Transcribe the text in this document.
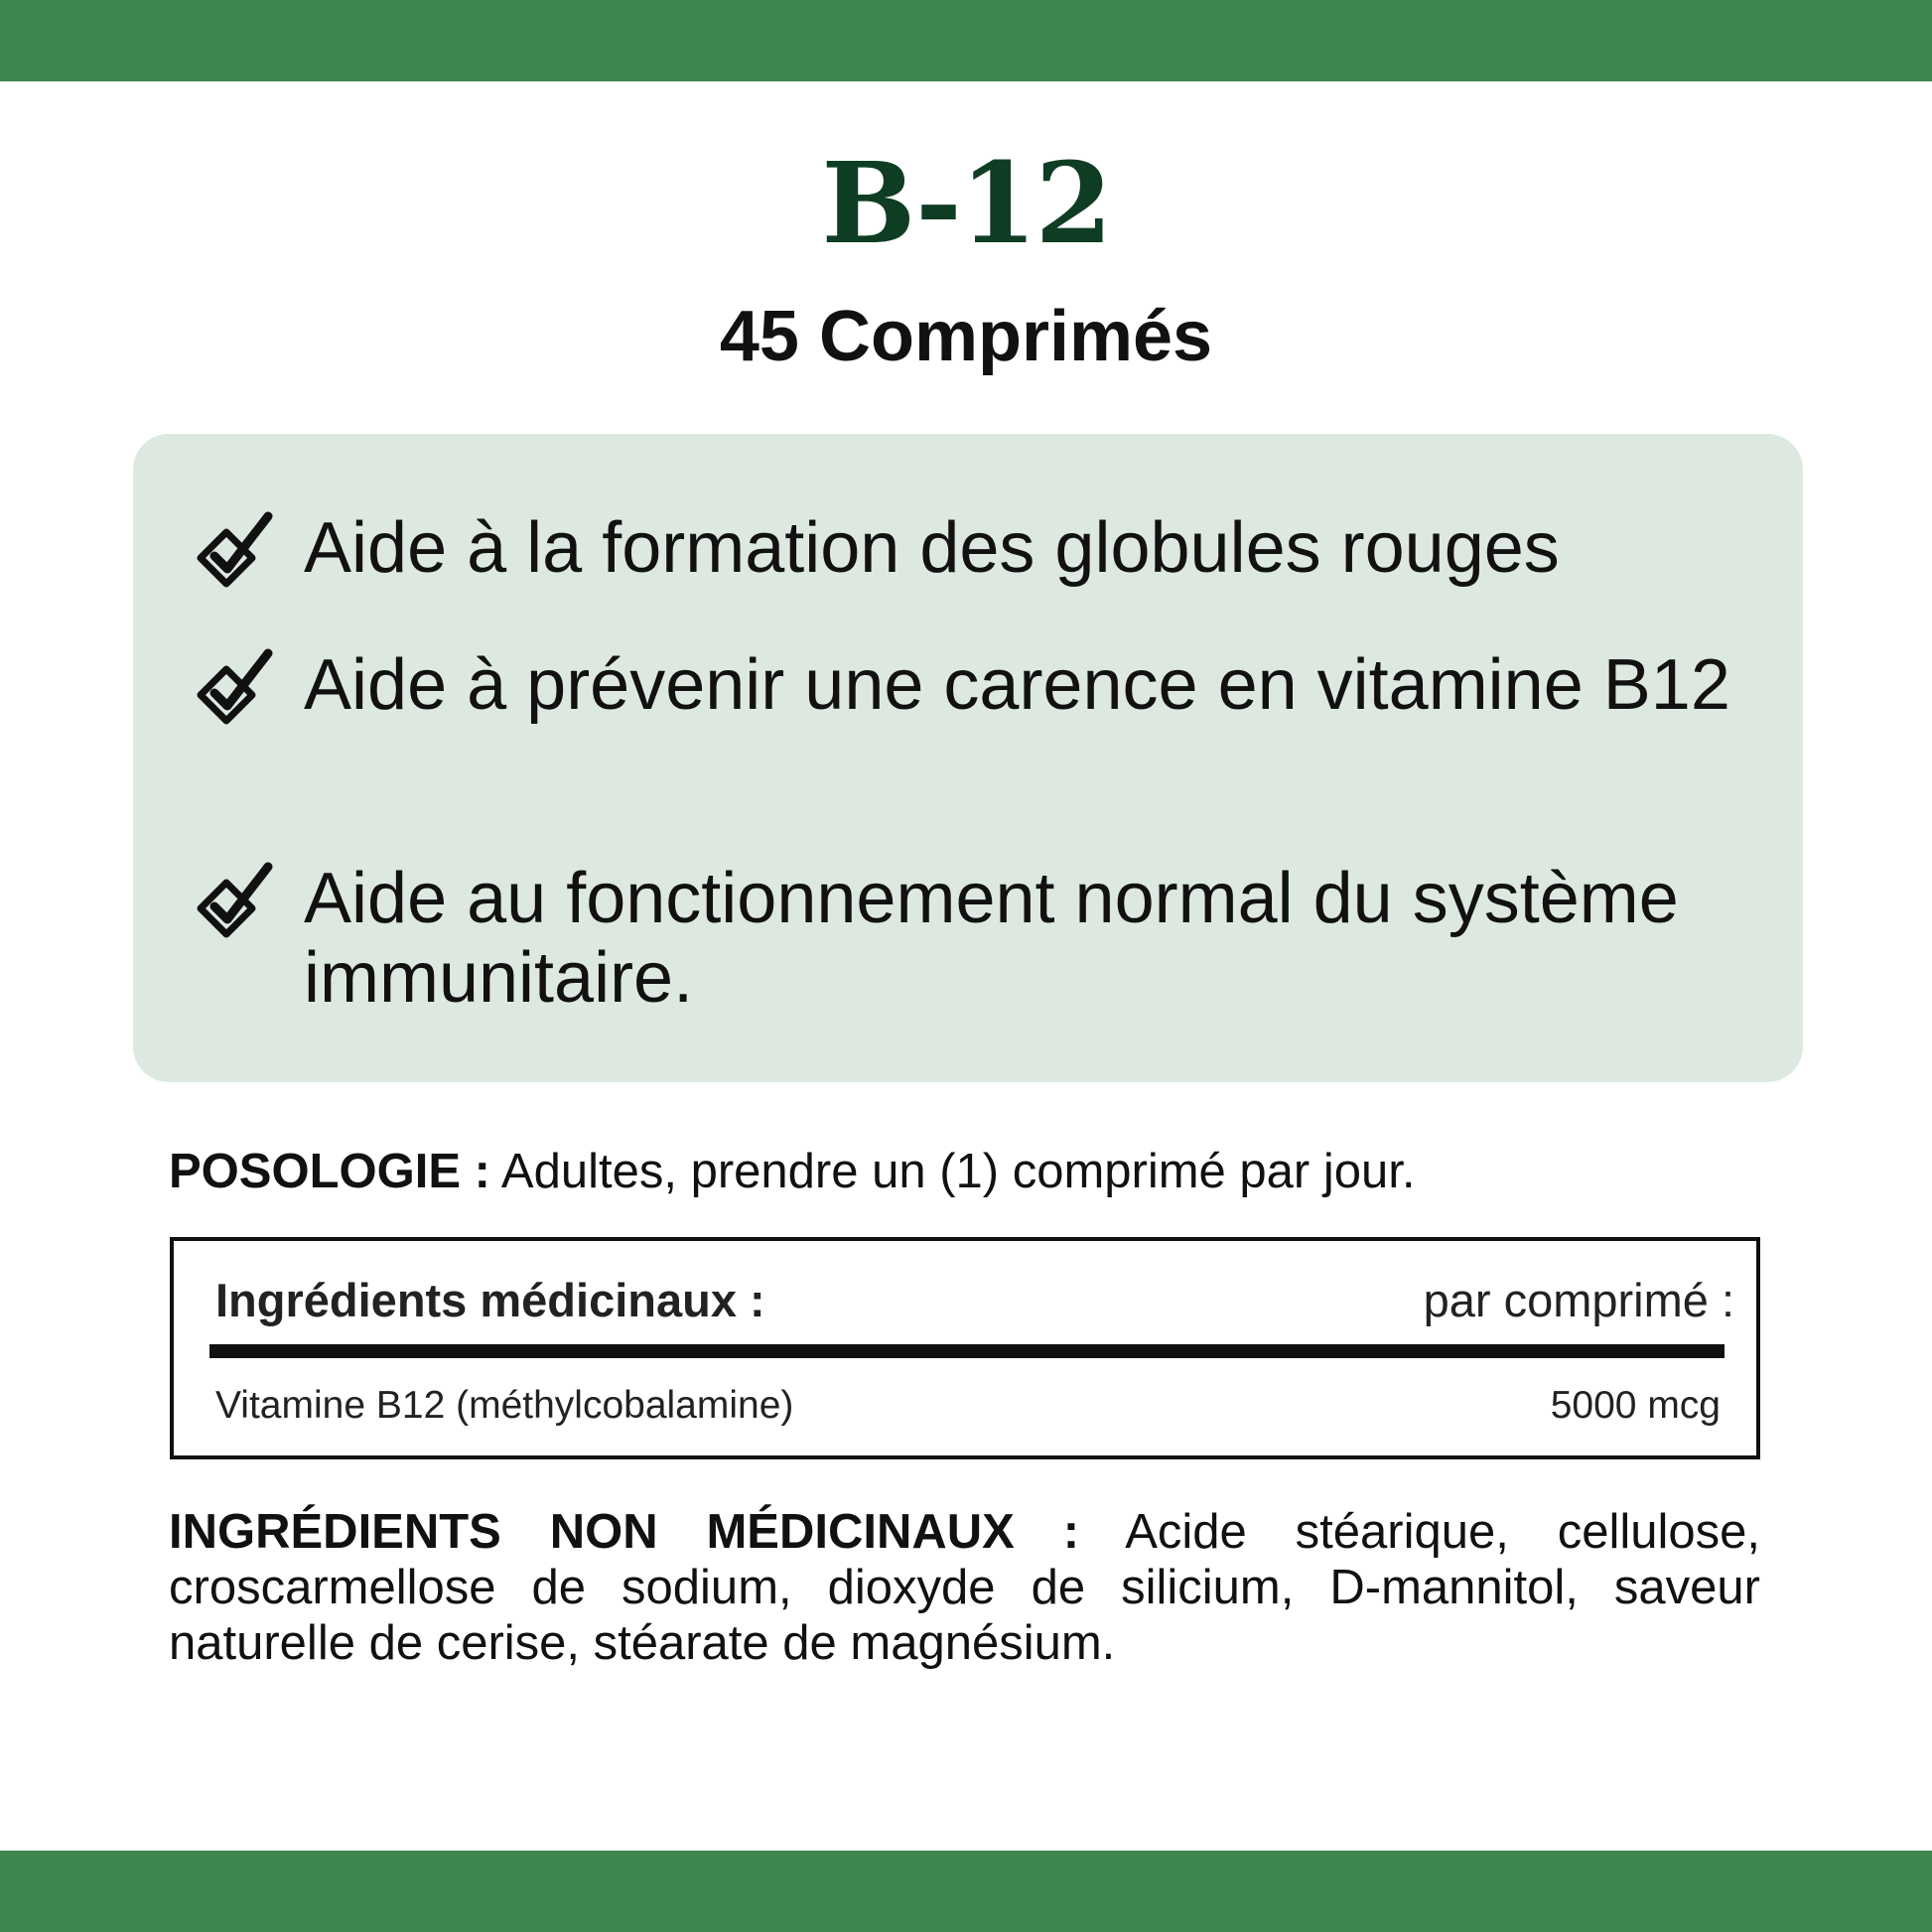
B-12
45 Comprimés
Aide à la formation des globules rouges
Aide à prévenir une carence en vitamine B12
Aide au fonctionnement normal du système immunitaire.
POSOLOGIE : Adultes, prendre un (1) comprimé par jour.
Ingrédients médicinaux :	par comprimé :
Vitamine B12 (méthylcobalamine)	5000 mcg
INGRÉDIENTS NON MÉDICINAUX : Acide stéarique, cellulose, croscarmellose de sodium, dioxyde de silicium, D-mannitol, saveur naturelle de cerise, stéarate de magnésium.
